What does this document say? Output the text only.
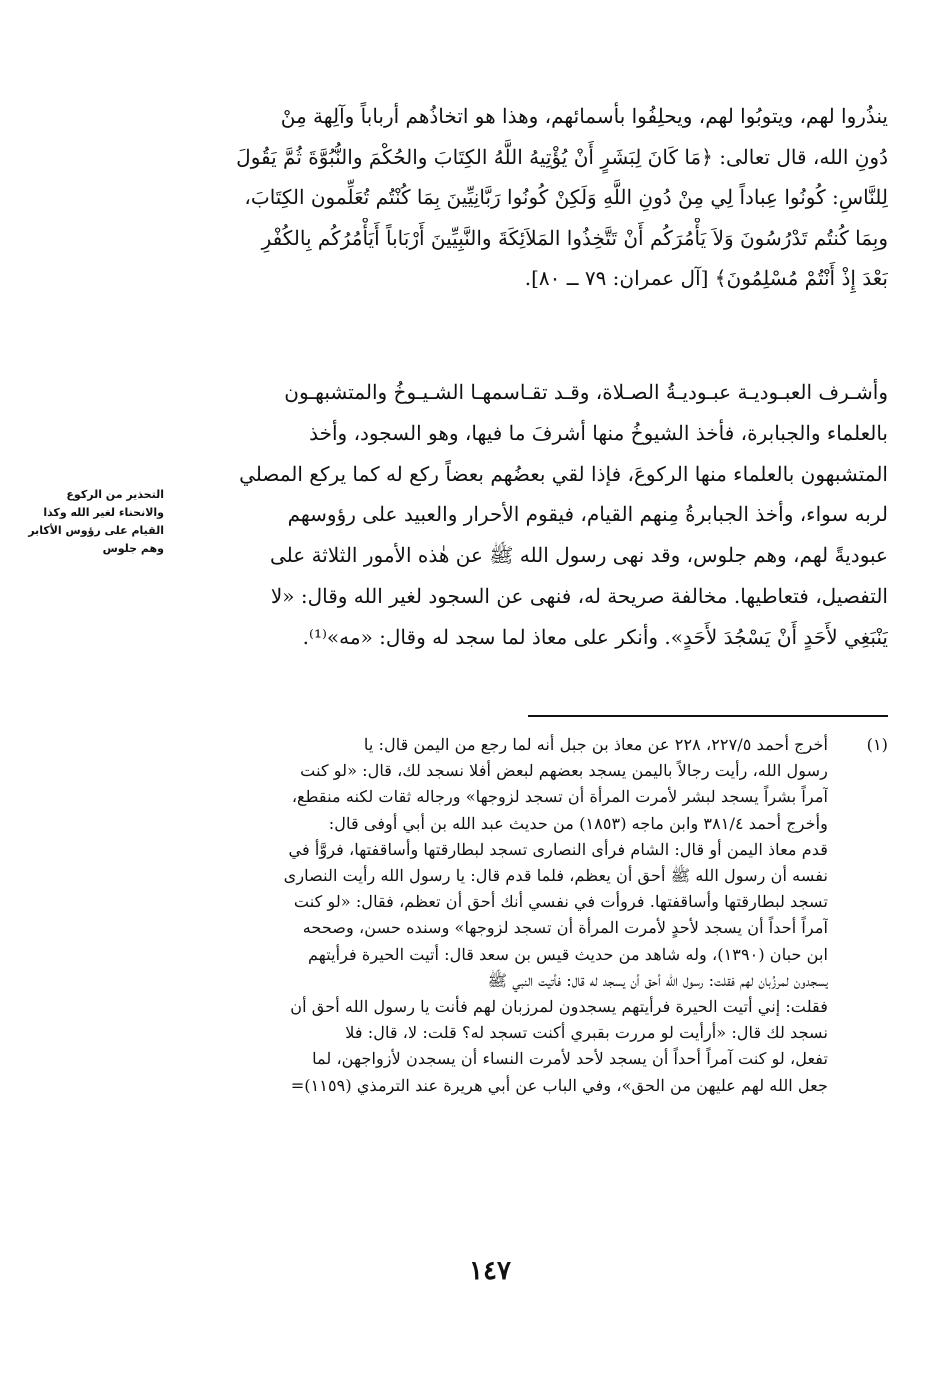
ينذُروا لهم، ويتوبُوا لهم، ويحلِفُوا بأسمائهم، وهذا هو اتخاذُهم أرباباً وآلِهة مِنْ
دُونِ الله، قال تعالى: ﴿مَا كَانَ لِبَشَرٍ أَنْ يُؤْتِيهُ اللَّهُ الكِتَابَ والحُكْمَ والنُّبُوَّةَ ثُمَّ يَقُولَ
لِلنَّاسِ: كُونُوا عِباداً لِي مِنْ دُونِ اللَّهِ وَلَكِنْ كُونُوا رَبَّانِيِّينَ بِمَا كُنْتُم تُعَلِّمون الكِتَابَ،
وبِمَا كُنتُم تَدْرُسُونَ وَلاَ يَأْمُرَكُم أَنْ تَتَّخِذُوا المَلاَئِكَةَ والنَّبِيِّينَ أَرْبَاباً أَيَأْمُرُكُم بِالكُفْرِ
بَعْدَ إِذْ أَنْتُمْ مُسْلِمُونَ﴾ [آل عمران: ٧٩ ــ ٨٠].
وأشـرف العبـوديـة عبـوديـةُ الصـلاة، وقـد تقـاسمهـا الشـيـوخُ والمتشبهـون
بالعلماء والجبابرة، فأخذ الشيوخُ منها أشرفَ ما فيها، وهو السجود، وأخذ
المتشبهون بالعلماء منها الركوعَ، فإذا لقي بعضُهم بعضاً ركع له كما يركع المصلي
لربه سواء، وأخذ الجبابرةُ مِنهم القيام، فيقوم الأحرار والعبيد على رؤوسهم
عبوديةً لهم، وهم جلوس، وقد نهى رسول الله ﷺ عن هٰذه الأمور الثلاثة على
التفصيل، فتعاطيها. مخالفة صريحة له، فنهى عن السجود لغير الله وقال: «لا
يَنْبَغِي لأَحَدٍ أَنْ يَسْجُدَ لأَحَدٍ». وأنكر على معاذ لما سجد له وقال: «مه»⁽¹⁾.
التحذير من الركوع
والانحناء لغير الله وكذا
القيام على رؤوس الأكابر
وهم جلوس
(١)
أخرج أحمد ٢٢٧/٥، ٢٢٨ عن معاذ بن جبل أنه لما رجع من اليمن قال: يا
رسول الله، رأيت رجالاً باليمن يسجد بعضهم لبعض أفلا نسجد لك، قال: «لو كنت
آمراً بشراً يسجد لبشر لأمرت المرأة أن تسجد لزوجها» ورجاله ثقات لكنه منقطع،
وأخرج أحمد ٣٨١/٤ وابن ماجه (١٨٥٣) من حديث عبد الله بن أبي أوفى قال:
قدم معاذ اليمن أو قال: الشام فرأى النصارى تسجد لبطارقتها وأساقفتها، فروَّأ في
نفسه أن رسول الله ﷺ أحق أن يعظم، فلما قدم قال: يا رسول الله رأيت النصارى
تسجد لبطارقتها وأساقفتها. فروأت في نفسي أنك أحق أن تعظم، فقال: «لو كنت
آمراً أحداً أن يسجد لأحدٍ لأمرت المرأة أن تسجد لزوجها» وسنده حسن، وصححه
ابن حبان (١٣٩٠)، وله شاهد من حديث قيس بن سعد قال: أتيت الحيرة فرأيتهم
يسجدون لمرزُبان لهم فقلت: رسول الله أحق أن يسجد له قال: فأتيت النبي ﷺ
فقلت: إني أتيت الحيرة فرأيتهم يسجدون لمرزبان لهم فأنت يا رسول الله أحق أن
نسجد لك قال: «أرأيت لو مررت بقبري أكنت تسجد له؟ قلت: لا، قال: فلا
تفعل، لو كنت آمراً أحداً أن يسجد لأحد لأمرت النساء أن يسجدن لأزواجهن، لما
جعل الله لهم عليهن من الحق»، وفي الباب عن أبي هريرة عند الترمذي (١١٥٩)=
١٤٧
